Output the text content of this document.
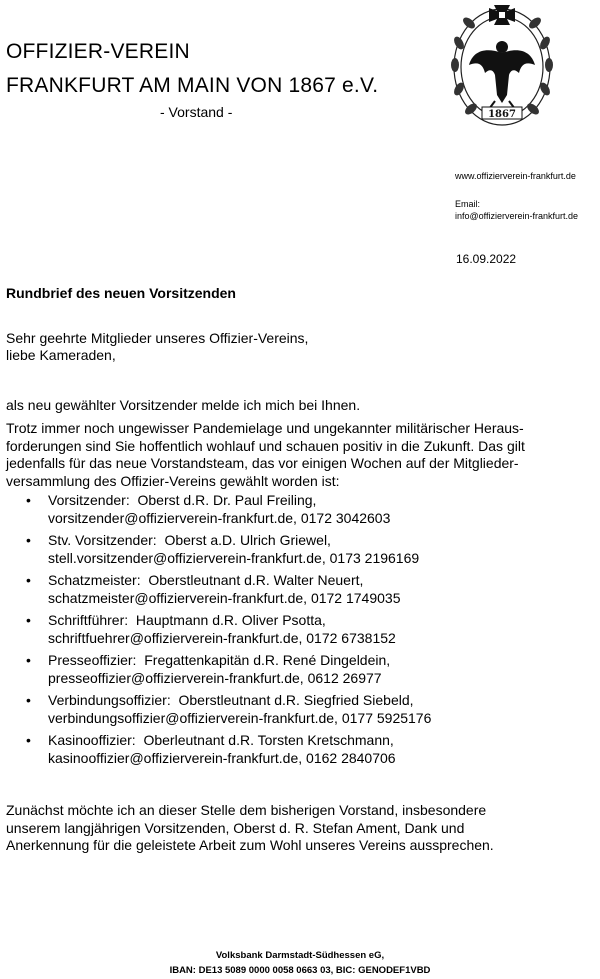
OFFIZIER-VEREIN
FRANKFURT AM MAIN VON 1867 e.V.
- Vorstand -	1867
www.offizierverein-frankfurt.de
Email:
info@offizierverein-frankfurt.de
16.09.2022
Rundbrief des neuen Vorsitzenden
Sehr geehrte Mitglieder unseres Offizier-Vereins,
liebe Kameraden,
als neu gewählter Vorsitzender melde ich mich bei Ihnen.
Trotz immer noch ungewisser Pandemielage und ungekannter militärischer Heraus-
forderungen sind Sie hoffentlich wohlauf und schauen positiv in die Zukunft. Das gilt
jedenfalls für das neue Vorstandsteam, das vor einigen Wochen auf der Mitglieder-
versammlung des Offizier-Vereins gewählt worden ist:
• Vorsitzender: Oberst d.R. Dr. Paul Freiling,
vorsitzender@offizierverein-frankfurt.de, 0172 3042603
• Stv. Vorsitzender: Oberst a.D. Ulrich Griewel,
stell.vorsitzender@offizierverein-frankfurt.de, 0173 2196169
• Schatzmeister: Oberstleutnant d.R. Walter Neuert,
schatzmeister@offizierverein-frankfurt.de, 0172 1749035
• Schriftführer: Hauptmann d.R. Oliver Psotta,
schriftfuehrer@offizierverein-frankfurt.de, 0172 6738152
• Presseoffizier: Fregattenkapitän d.R. René Dingeldein,
presseoffizier@offizierverein-frankfurt.de, 0612 26977
• Verbindungsoffizier: Oberstleutnant d.R. Siegfried Siebeld,
verbindungsoffizier@offizierverein-frankfurt.de, 0177 5925176
• Kasinooffizier: Oberleutnant d.R. Torsten Kretschmann,
kasinooffizier@offizierverein-frankfurt.de, 0162 2840706
Zunächst möchte ich an dieser Stelle dem bisherigen Vorstand, insbesondere
unserem langjährigen Vorsitzenden, Oberst d. R. Stefan Ament, Dank und
Anerkennung für die geleistete Arbeit zum Wohl unseres Vereins aussprechen.
Volksbank Darmstadt-Südhessen eG,
IBAN: DE13 5089 0000 0058 0663 03, BIC: GENODEF1VBD
